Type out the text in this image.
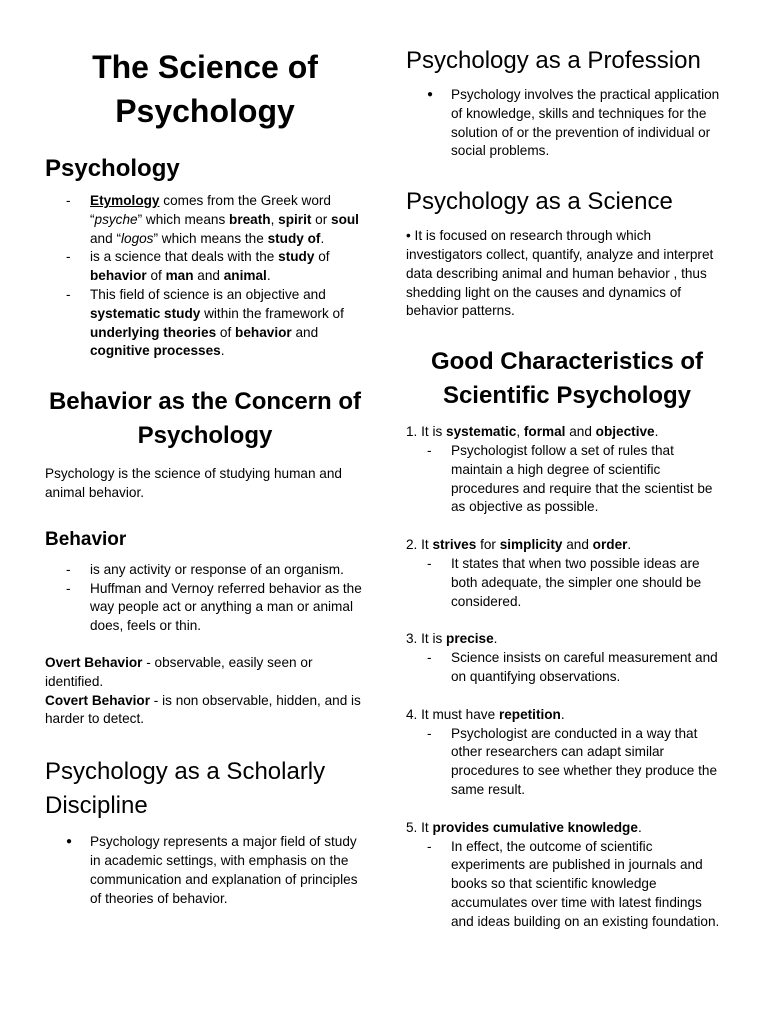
The Science of Psychology
Psychology
- Etymology comes from the Greek word “psyche” which means breath, spirit or soul and “logos” which means the study of.
- is a science that deals with the study of behavior of man and animal.
- This field of science is an objective and systematic study within the framework of underlying theories of behavior and cognitive processes.
Behavior as the Concern of Psychology

Psychology is the science of studying human and animal behavior.

Behavior
- is any activity or response of an organism.
- Huffman and Vernoy referred behavior as the way people act or anything a man or animal does, feels or thin.

Overt Behavior - observable, easily seen or identified.

Covert Behavior - is non observable, hidden, and is harder to detect.

Psychology as a Scholarly Discipline
● Psychology represents a major field of study in academic settings, with emphasis on the communication and explanation of principles of theories of behavior.
Psychology as a Profession
● Psychology involves the practical application of knowledge, skills and techniques for the solution of or the prevention of individual or social problems.
Psychology as a Science

• It is focused on research through which investigators collect, quantify, analyze and interpret data describing animal and human behavior , thus shedding light on the causes and dynamics of behavior patterns.

Good Characteristics of Scientific Psychology

1. It is systematic, formal and objective.

- Psychologist follow a set of rules that maintain a high degree of scientific procedures and require that the scientist be as objective as possible.

2. It strives for simplicity and order.

- It states that when two possible ideas are both adequate, the simpler one should be considered.

3. It is precise.

- Science insists on careful measurement and on quantifying observations.

4. It must have repetition.

- Psychologist are conducted in a way that other researchers can adapt similar procedures to see whether they produce the same result.

5. It provides cumulative knowledge.

- In effect, the outcome of scientific experiments are published in journals and books so that scientific knowledge accumulates over time with latest findings and ideas building on an existing foundation.
